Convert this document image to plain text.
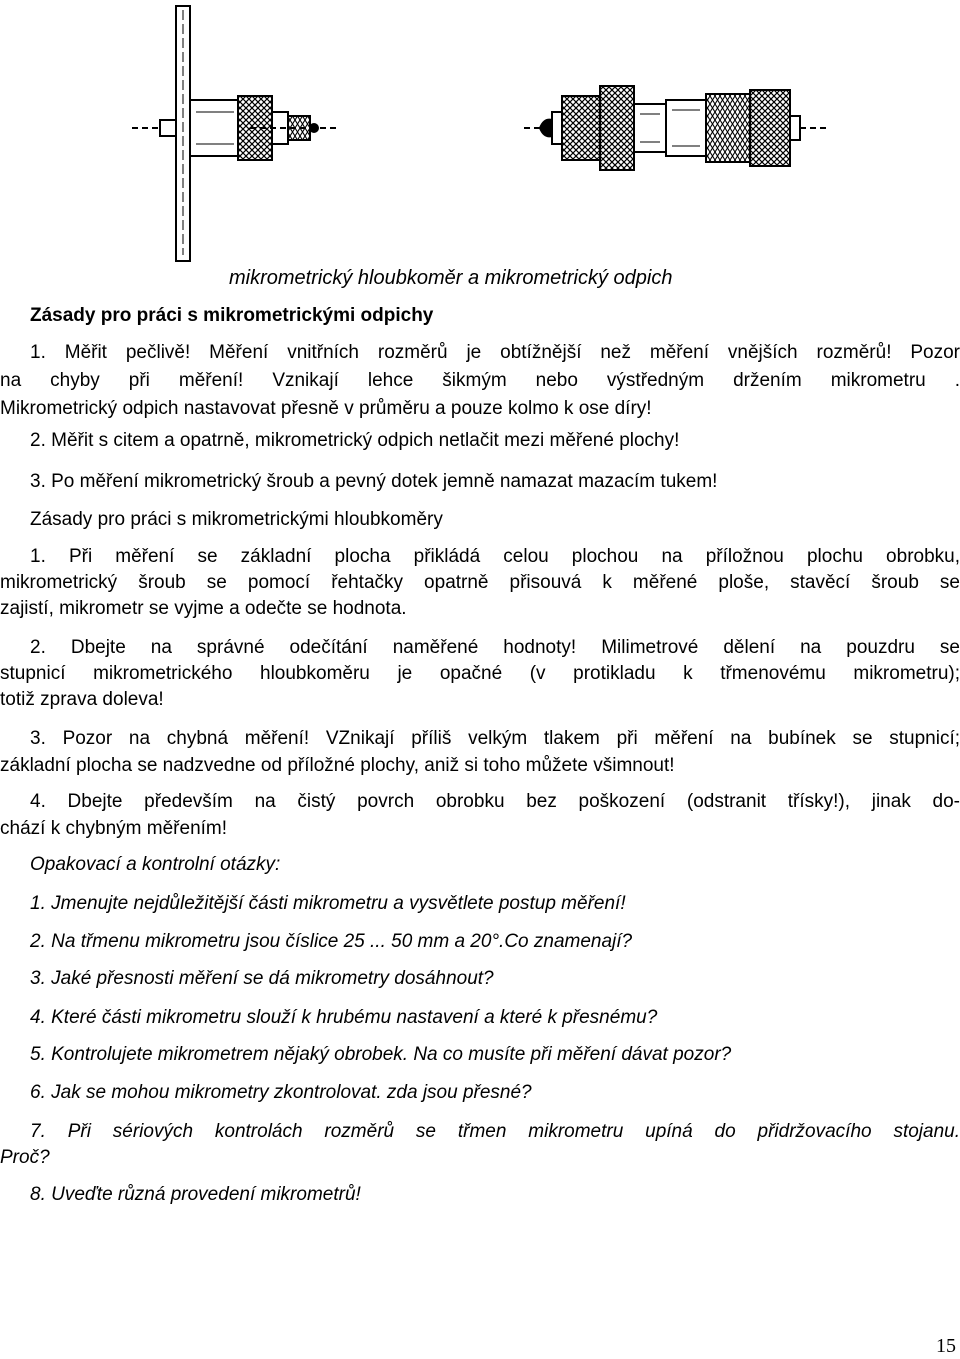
mikrometrický hloubkoměr a mikrometrický odpich
Zásady pro práci s mikrometrickými odpichy
1. Měřit pečlivě! Měření vnitřních rozměrů je obtížnější než měření vnějších rozměrů! Pozor
na chyby při měření! Vznikají lehce šikmým nebo výstředným držením mikrometru .
Mikrometrický odpich nastavovat přesně v průměru a pouze kolmo k ose díry!
2. Měřit s citem a opatrně, mikrometrický odpich netlačit mezi měřené plochy!
3. Po měření mikrometrický šroub a pevný dotek jemně namazat mazacím tukem!
Zásady pro práci s mikrometrickými hloubkoměry
1. Při měření se základní plocha přikládá celou plochou na příložnou plochu obrobku,
mikrometrický šroub se pomocí řehtačky opatrně přisouvá k měřené ploše, stavěcí šroub se
zajistí, mikrometr se vyjme a odečte se hodnota.
2. Dbejte na správné odečítání naměřené hodnoty! Milimetrové dělení na pouzdru se
stupnicí mikrometrického hloubkoměru je opačné (v protikladu k třmenovému mikrometru);
totiž zprava doleva!
3. Pozor na chybná měření! VZnikají příliš velkým tlakem při měření na bubínek se stupnicí;
základní plocha se nadzvedne od příložné plochy, aniž si toho můžete všimnout!
4. Dbejte především na čistý povrch obrobku bez poškození (odstranit třísky!), jinak do-
chází k chybným měřením!
Opakovací a kontrolní otázky:
1. Jmenujte nejdůležitější části mikrometru a vysvětlete postup měření!
2. Na třmenu mikrometru jsou číslice 25 ... 50 mm a 20°.Co znamenají?
3. Jaké přesnosti měření se dá mikrometry dosáhnout?
4. Které části mikrometru slouží k hrubému nastavení a které k přesnému?
5. Kontrolujete mikrometrem nějaký obrobek. Na co musíte při měření dávat pozor?
6. Jak se mohou mikrometry zkontrolovat. zda jsou přesné?
7. Při sériových kontrolách rozměrů se třmen mikrometru upíná do přidržovacího stojanu.
Proč?
8. Uveďte různá provedení mikrometrů!
15
